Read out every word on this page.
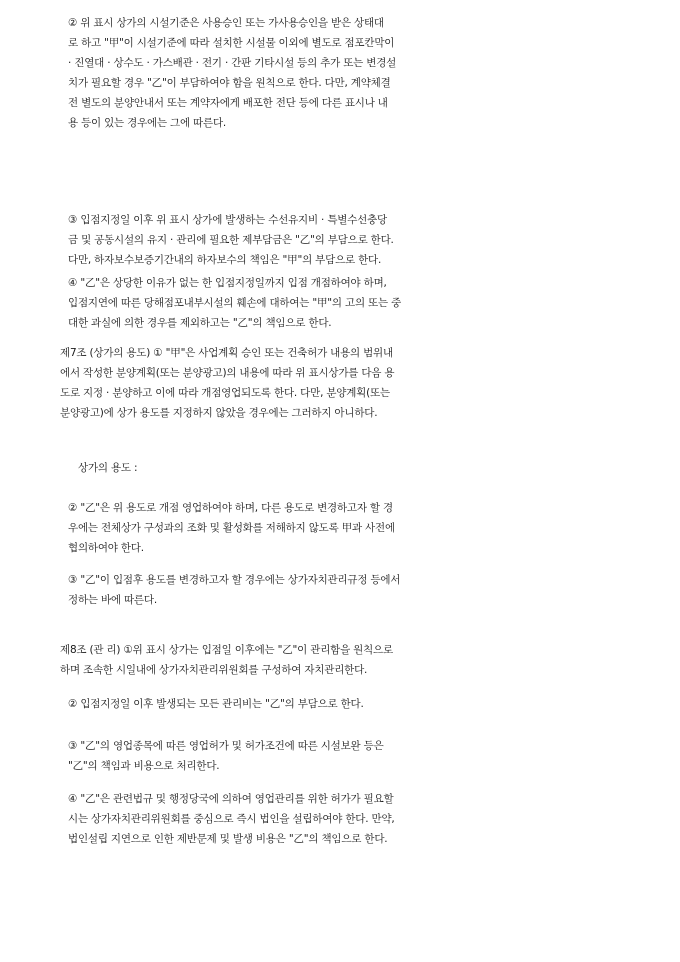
② 위 표시 상가의 시설기준은 사용승인 또는 가사용승인을 받은 상태대
로 하고 "甲"이 시설기준에 따라 설치한 시설물 이외에 별도로 점포칸막이
· 진열대 · 상수도 · 가스배관 · 전기 · 간판 기타시설 등의 추가 또는 변경설
치가 필요할 경우 "乙"이 부담하여야 함을 원칙으로 한다. 다만, 계약체결
전 별도의 분양안내서 또는 계약자에게 배포한 전단 등에 다른 표시나 내
용 등이 있는 경우에는 그에 따른다.
③ 입점지정일 이후 위 표시 상가에 발생하는 수선유지비 · 특별수선충당
금 및 공동시설의 유지 · 관리에 필요한 제부담금은 "乙"의 부담으로 한다.
다만, 하자보수보증기간내의 하자보수의 책임은 "甲"의 부담으로 한다.
④ "乙"은 상당한 이유가 없는 한 입점지정일까지 입점 개점하여야 하며,
입점지연에 따른 당해점포내부시설의 훼손에 대하여는 "甲"의 고의 또는 중
대한 과실에 의한 경우를 제외하고는 "乙"의 책임으로 한다.
제7조 (상가의 용도) ① "甲"은 사업계획 승인 또는 건축허가 내용의 범위내
에서 작성한 분양계획(또는 분양광고)의 내용에 따라 위 표시상가를 다음 용
도로 지정 · 분양하고 이에 따라 개점영업되도록 한다. 다만, 분양계획(또는
분양광고)에 상가 용도를 지정하지 않았을 경우에는 그러하지 아니하다.
상가의 용도 :
② "乙"은 위 용도로 개점 영업하여야 하며, 다른 용도로 변경하고자 할 경
우에는 전체상가 구성과의 조화 및 활성화를 저해하지 않도록 甲과 사전에
협의하여야 한다.
③ "乙"이 입점후 용도를 변경하고자 할 경우에는 상가자치관리규정 등에서
정하는 바에 따른다.
제8조 (관 리) ①위 표시 상가는 입점일 이후에는 "乙"이 관리함을 원칙으로
하며 조속한 시일내에 상가자치관리위원회를 구성하여 자치관리한다.
② 입점지정일 이후 발생되는 모든 관리비는 "乙"의 부담으로 한다.
③ "乙"의 영업종목에 따른 영업허가 및 허가조건에 따른 시설보완 등은
"乙"의 책임과 비용으로 처리한다.
④ "乙"은 관련법규 및 행정당국에 의하여 영업관리를 위한 허가가 필요할
시는 상가자치관리위원회를 중심으로 즉시 법인을 설립하여야 한다. 만약,
법인설립 지연으로 인한 제반문제 및 발생 비용은 "乙"의 책임으로 한다.
